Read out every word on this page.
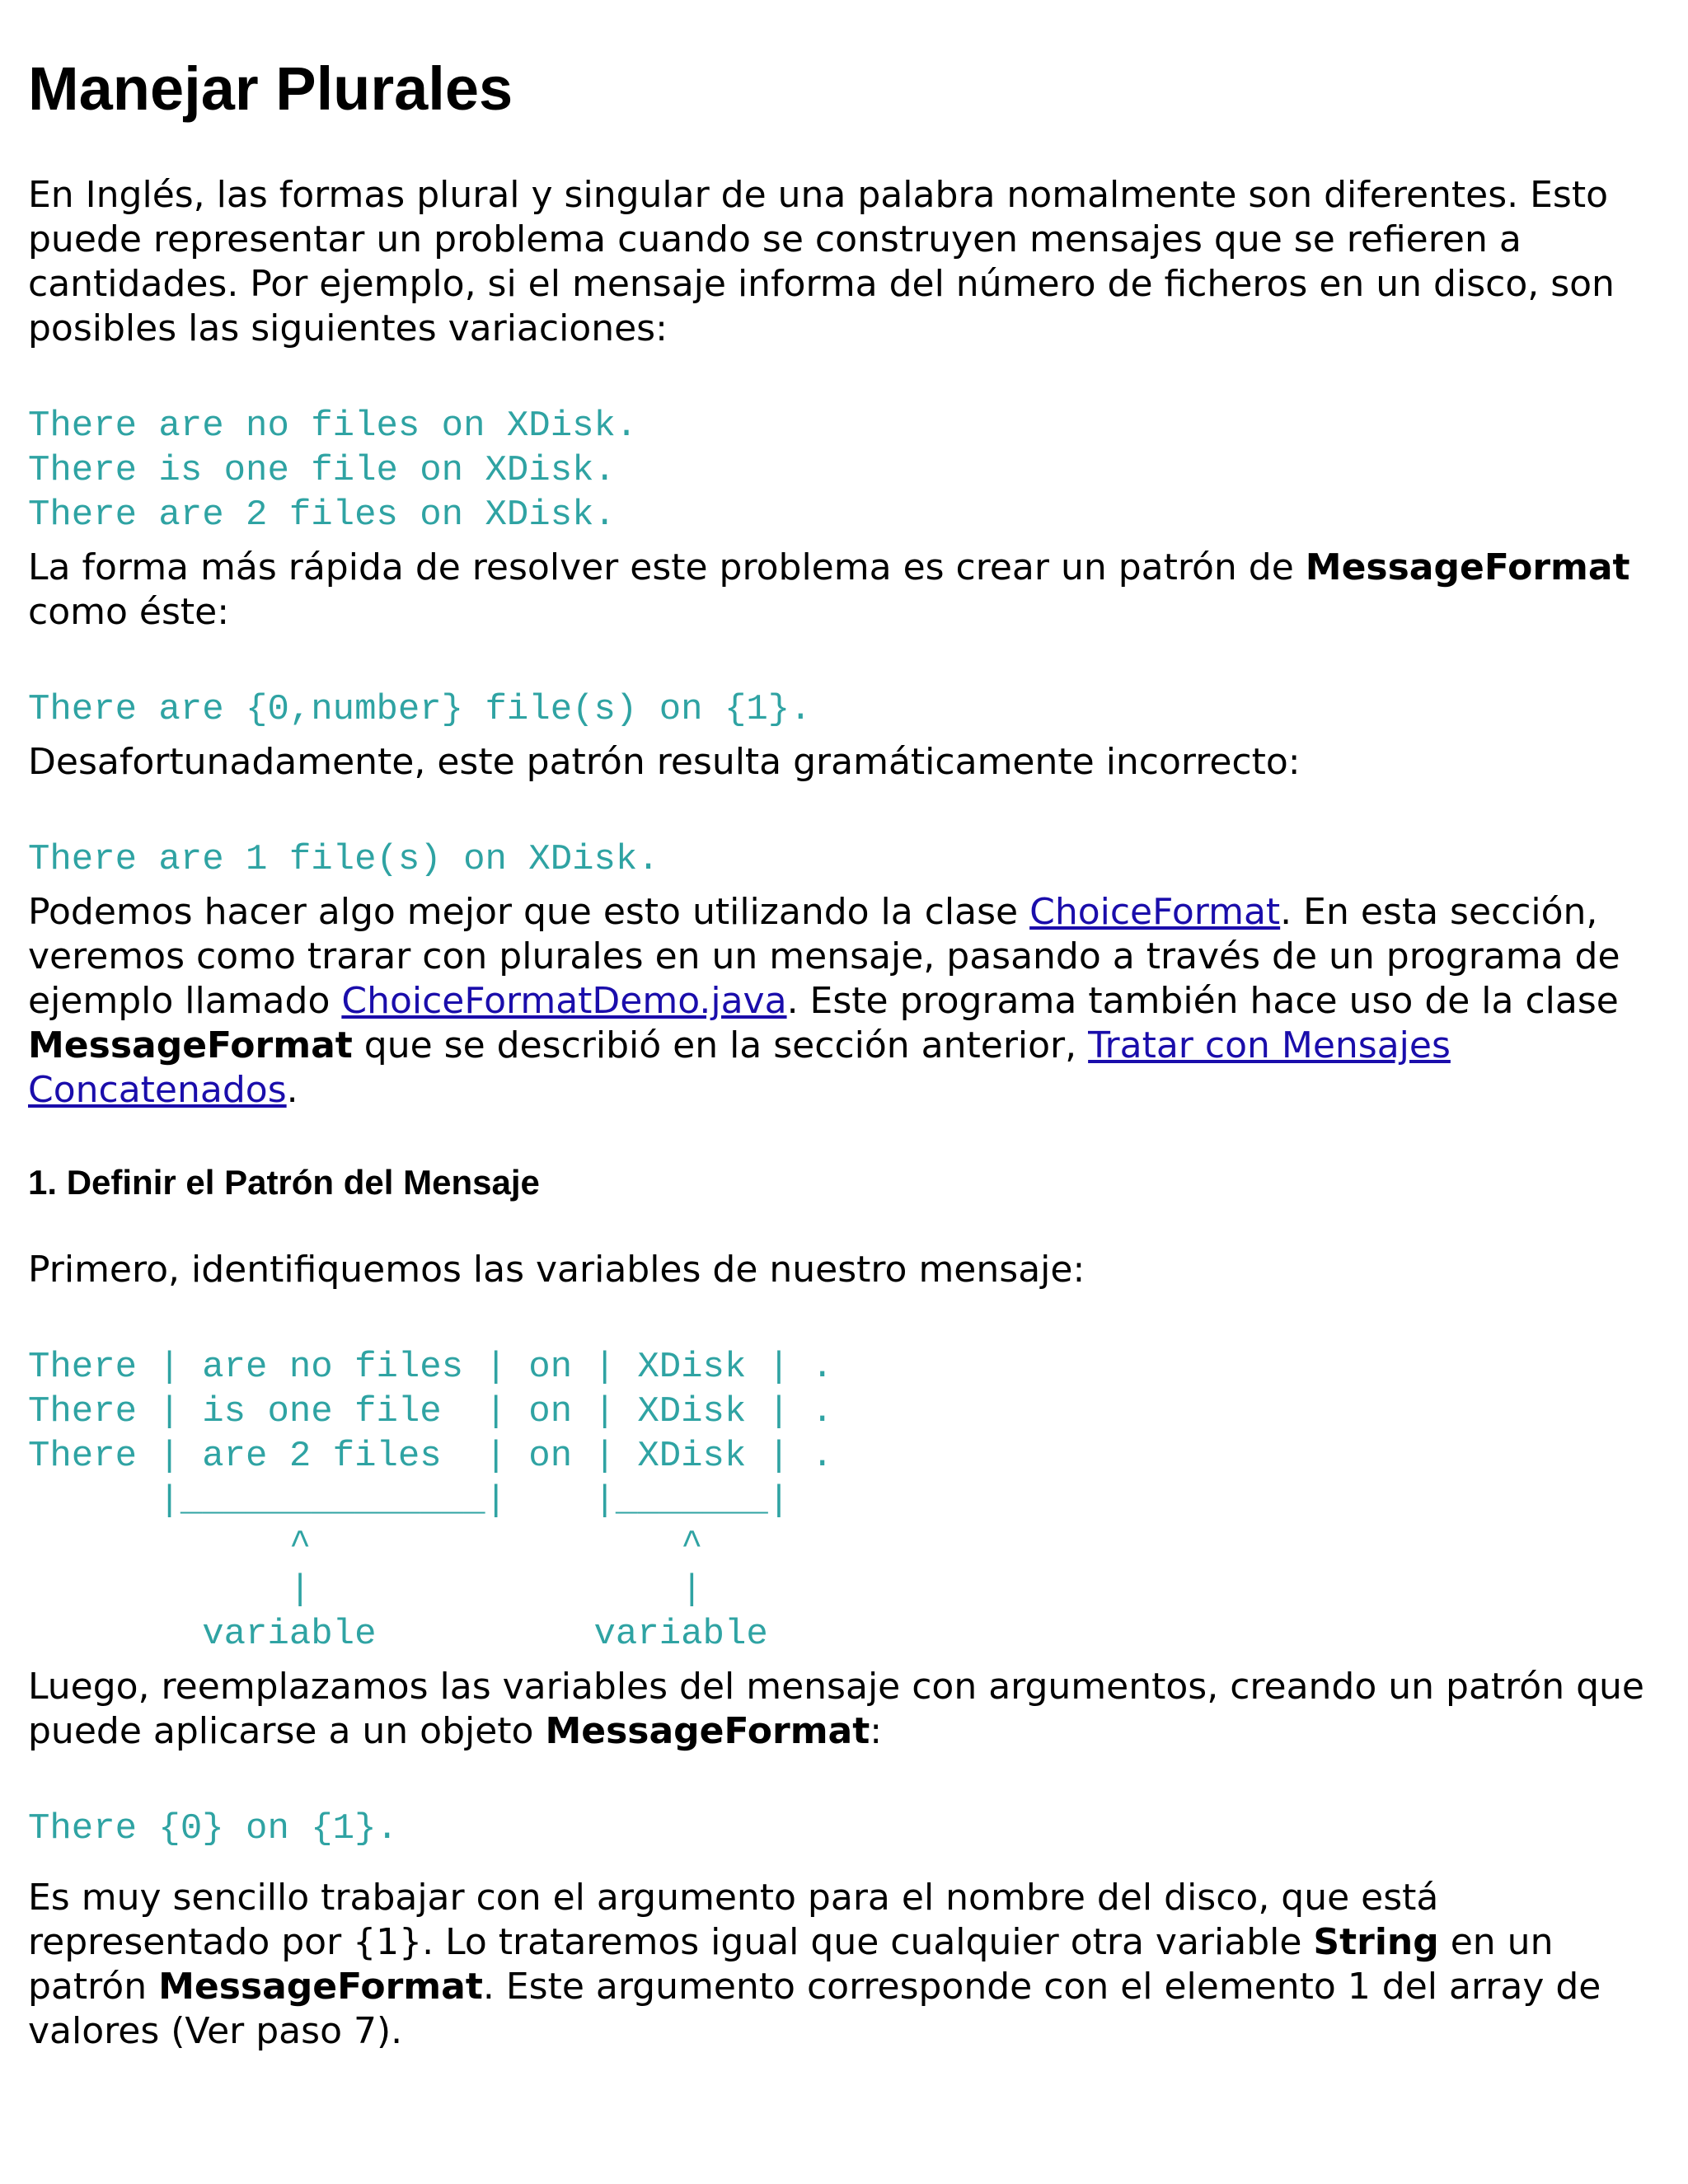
Manejar Plurales

En Inglés, las formas plural y singular de una palabra nomalmente son diferentes. Esto puede representar un problema cuando se construyen mensajes que se refieren a cantidades. Por ejemplo, si el mensaje informa del número de ficheros en un disco, son posibles las siguientes variaciones:

There are no files on XDisk.
There is one file on XDisk.
There are 2 files on XDisk.

La forma más rápida de resolver este problema es crear un patrón de MessageFormat como éste:

There are {0,number} file(s) on {1}.

Desafortunadamente, este patrón resulta gramáticamente incorrecto:

There are 1 file(s) on XDisk.

Podemos hacer algo mejor que esto utilizando la clase ChoiceFormat. En esta sección, veremos como trarar con plurales en un mensaje, pasando a través de un programa de ejemplo llamado ChoiceFormatDemo.java. Este programa también hace uso de la clase MessageFormat que se describió en la sección anterior, Tratar con Mensajes Concatenados.

1. Definir el Patrón del Mensaje

Primero, identifiquemos las variables de nuestro mensaje:

There | are no files | on | XDisk | .
There | is one file  | on | XDisk | .
There | are 2 files  | on | XDisk | .
|______________|    |_______|
^                 ^
|                 |
variable          variable

Luego, reemplazamos las variables del mensaje con argumentos, creando un patrón que puede aplicarse a un objeto MessageFormat:

There {0} on {1}.

Es muy sencillo trabajar con el argumento para el nombre del disco, que está representado por {1}. Lo trataremos igual que cualquier otra variable String en un patrón MessageFormat. Este argumento corresponde con el elemento 1 del array de valores (Ver paso 7).
